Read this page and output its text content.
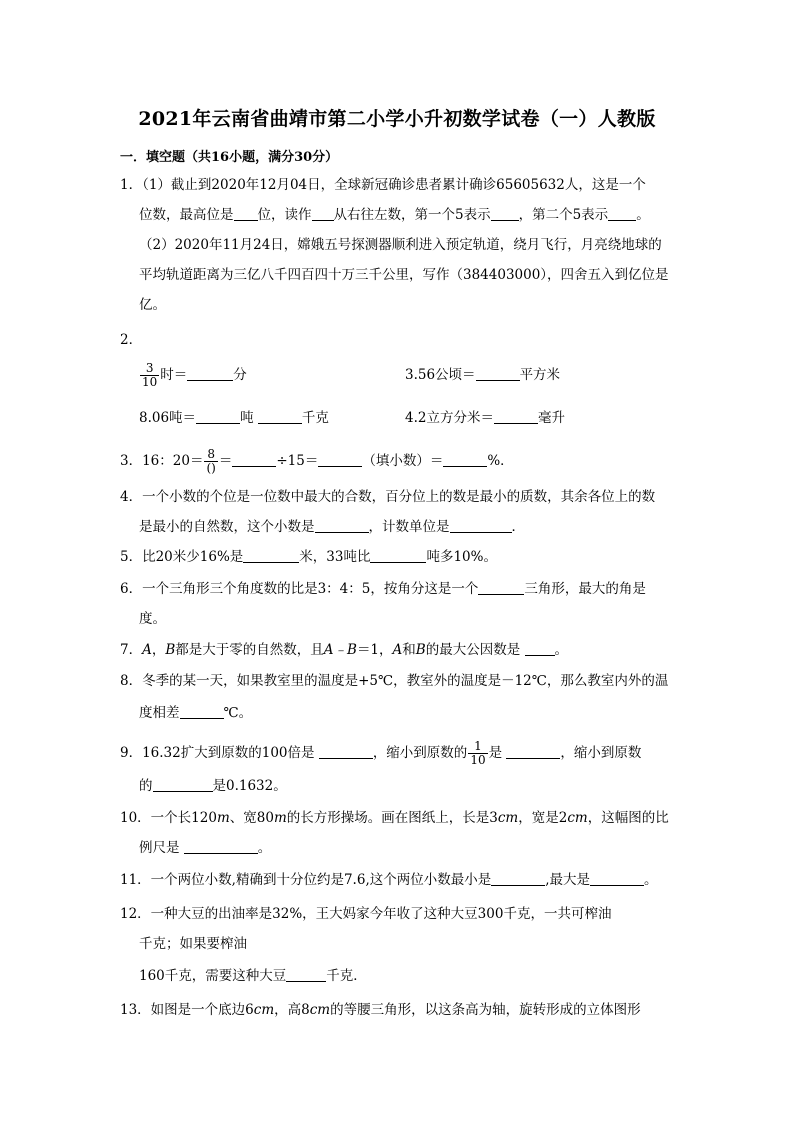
2021年云南省曲靖市第二小学小升初数学试卷（一）人教版
一．填空题（共16小题，满分30分）
1．（1）截止到2020年12月04日，全球新冠确诊患者累计确诊65605632人，这是一个
位数，最高位是 位，读作 从右往左数，第一个5表示 ，第二个5表示 。
（2）2020年11月24日，嫦娥五号探测器顺利进入预定轨道，绕月飞行，月亮绕地球的
平均轨道距离为三亿八千四百四十万三千公里，写作（384403000），四舍五入到亿位是
亿。
2．
$\frac{3}{10}$ 时＝	分	3.56公顷＝	平方米
8.06吨＝	吨	千克	4.2立方分米＝	毫升
3．16：$20= \frac{8}{()}$ ＝	÷15＝	（填小数）＝	%．
4．一个小数的个位是一位数中最大的合数，百分位上的数是最小的质数，其余各位上的数
是最小的自然数，这个小数是	，计数单位是	．
5．比20米少16%是	米，33吨比	吨多10%。
6．一个三角形三个角度数的比是3：4：5，按角分这是一个	三角形，最大的角是
度。
7．A，B都是大于零的自然数，且A﹣B＝1，A和B的最大公因数是	。
8．冬季的某一天，如果教室里的温度是+5℃，教室外的温度是－12℃，那么教室内外的温
度相差	℃。
9．16.32扩大到原数的100倍是	，缩小到原数的 $\frac{1}{10}$ 是	，缩小到原数
的	是0.1632。
10．一个长120m、宽80m的长方形操场。画在图纸上，长是3cm，宽是2cm，这幅图的比
例尺是	。
11．一个两位小数,精确到十分位约是7.6,这个两位小数最小是	,最大是	。
12．一种大豆的出油率是32%，王大妈家今年收了这种大豆300千克，一共可榨油
千克；如果要榨油
160千克，需要这种大豆	千克．
13．如图是一个底边6cm，高8cm的等腰三角形，以这条高为轴，旋转形成的立体图形
